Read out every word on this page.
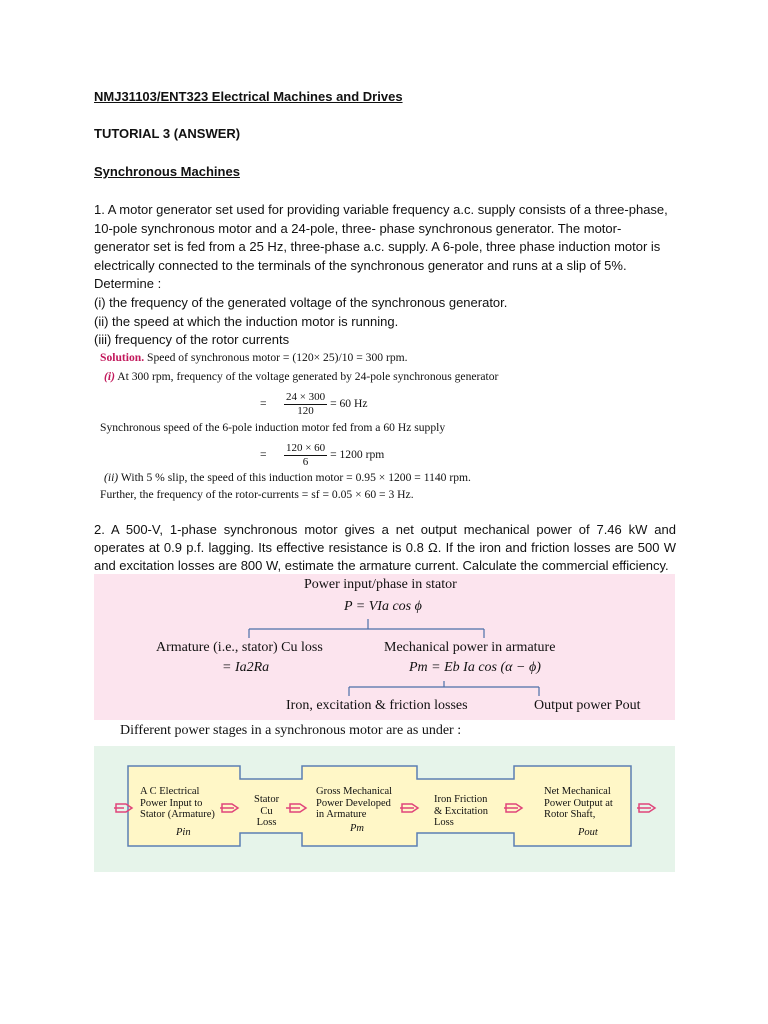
NMJ31103/ENT323 Electrical Machines and Drives
TUTORIAL 3 (ANSWER)
Synchronous Machines

1. A motor generator set used for providing variable frequency a.c. supply consists of a three-phase, 10-pole synchronous motor and a 24-pole, three- phase synchronous generator. The motor-generator set is fed from a 25 Hz, three-phase a.c. supply. A 6-pole, three phase induction motor is electrically connected to the terminals of the synchronous generator and runs at a slip of 5%. Determine :

(i) the frequency of the generated voltage of the synchronous generator.

(ii) the speed at which the induction motor is running.

(iii) frequency of the rotor currents

Solution. Speed of synchronous motor = (120× 25)/10 = 300 rpm.
(i) At 300 rpm, frequency of the voltage generated by 24-pole synchronous generator
= $\frac{24 \times 300}{120} = 60$ Hz
Synchronous speed of the 6-pole induction motor fed from a 60 Hz supply
= $\frac{120 \times 60}{6} = 1200$ rpm
(ii) With 5 % slip, the speed of this induction motor = 0.95 × 1200 = 1140 rpm.
Further, the frequency of the rotor-currents = sf = 0.05 × 60 = 3 Hz.
2. A 500-V, 1-phase synchronous motor gives a net output mechanical power of 7.46 kW and operates at 0.9 p.f. lagging. Its effective resistance is 0.8 Ω. If the iron and friction losses are 500 W and excitation losses are 800 W, estimate the armature current. Calculate the commercial efficiency.
Power input/phase in stator
P = VIa cos ϕ
Armature (i.e., stator) Cu loss
= Ia2Ra
Mechanical power in armature
Pm = Eb Ia cos (α − ϕ)
Iron, excitation & friction losses	Output power Pout
Different power stages in a synchronous motor are as under :
A C Electrical
Power Input to
Stator (Armature)
Pin
Stator
Cu
Loss
Gross Mechanical
Power Developed
in Armature
Pm
Iron Friction
& Excitation
Loss
Net Mechanical
Power Output at
Rotor Shaft,
Pout
